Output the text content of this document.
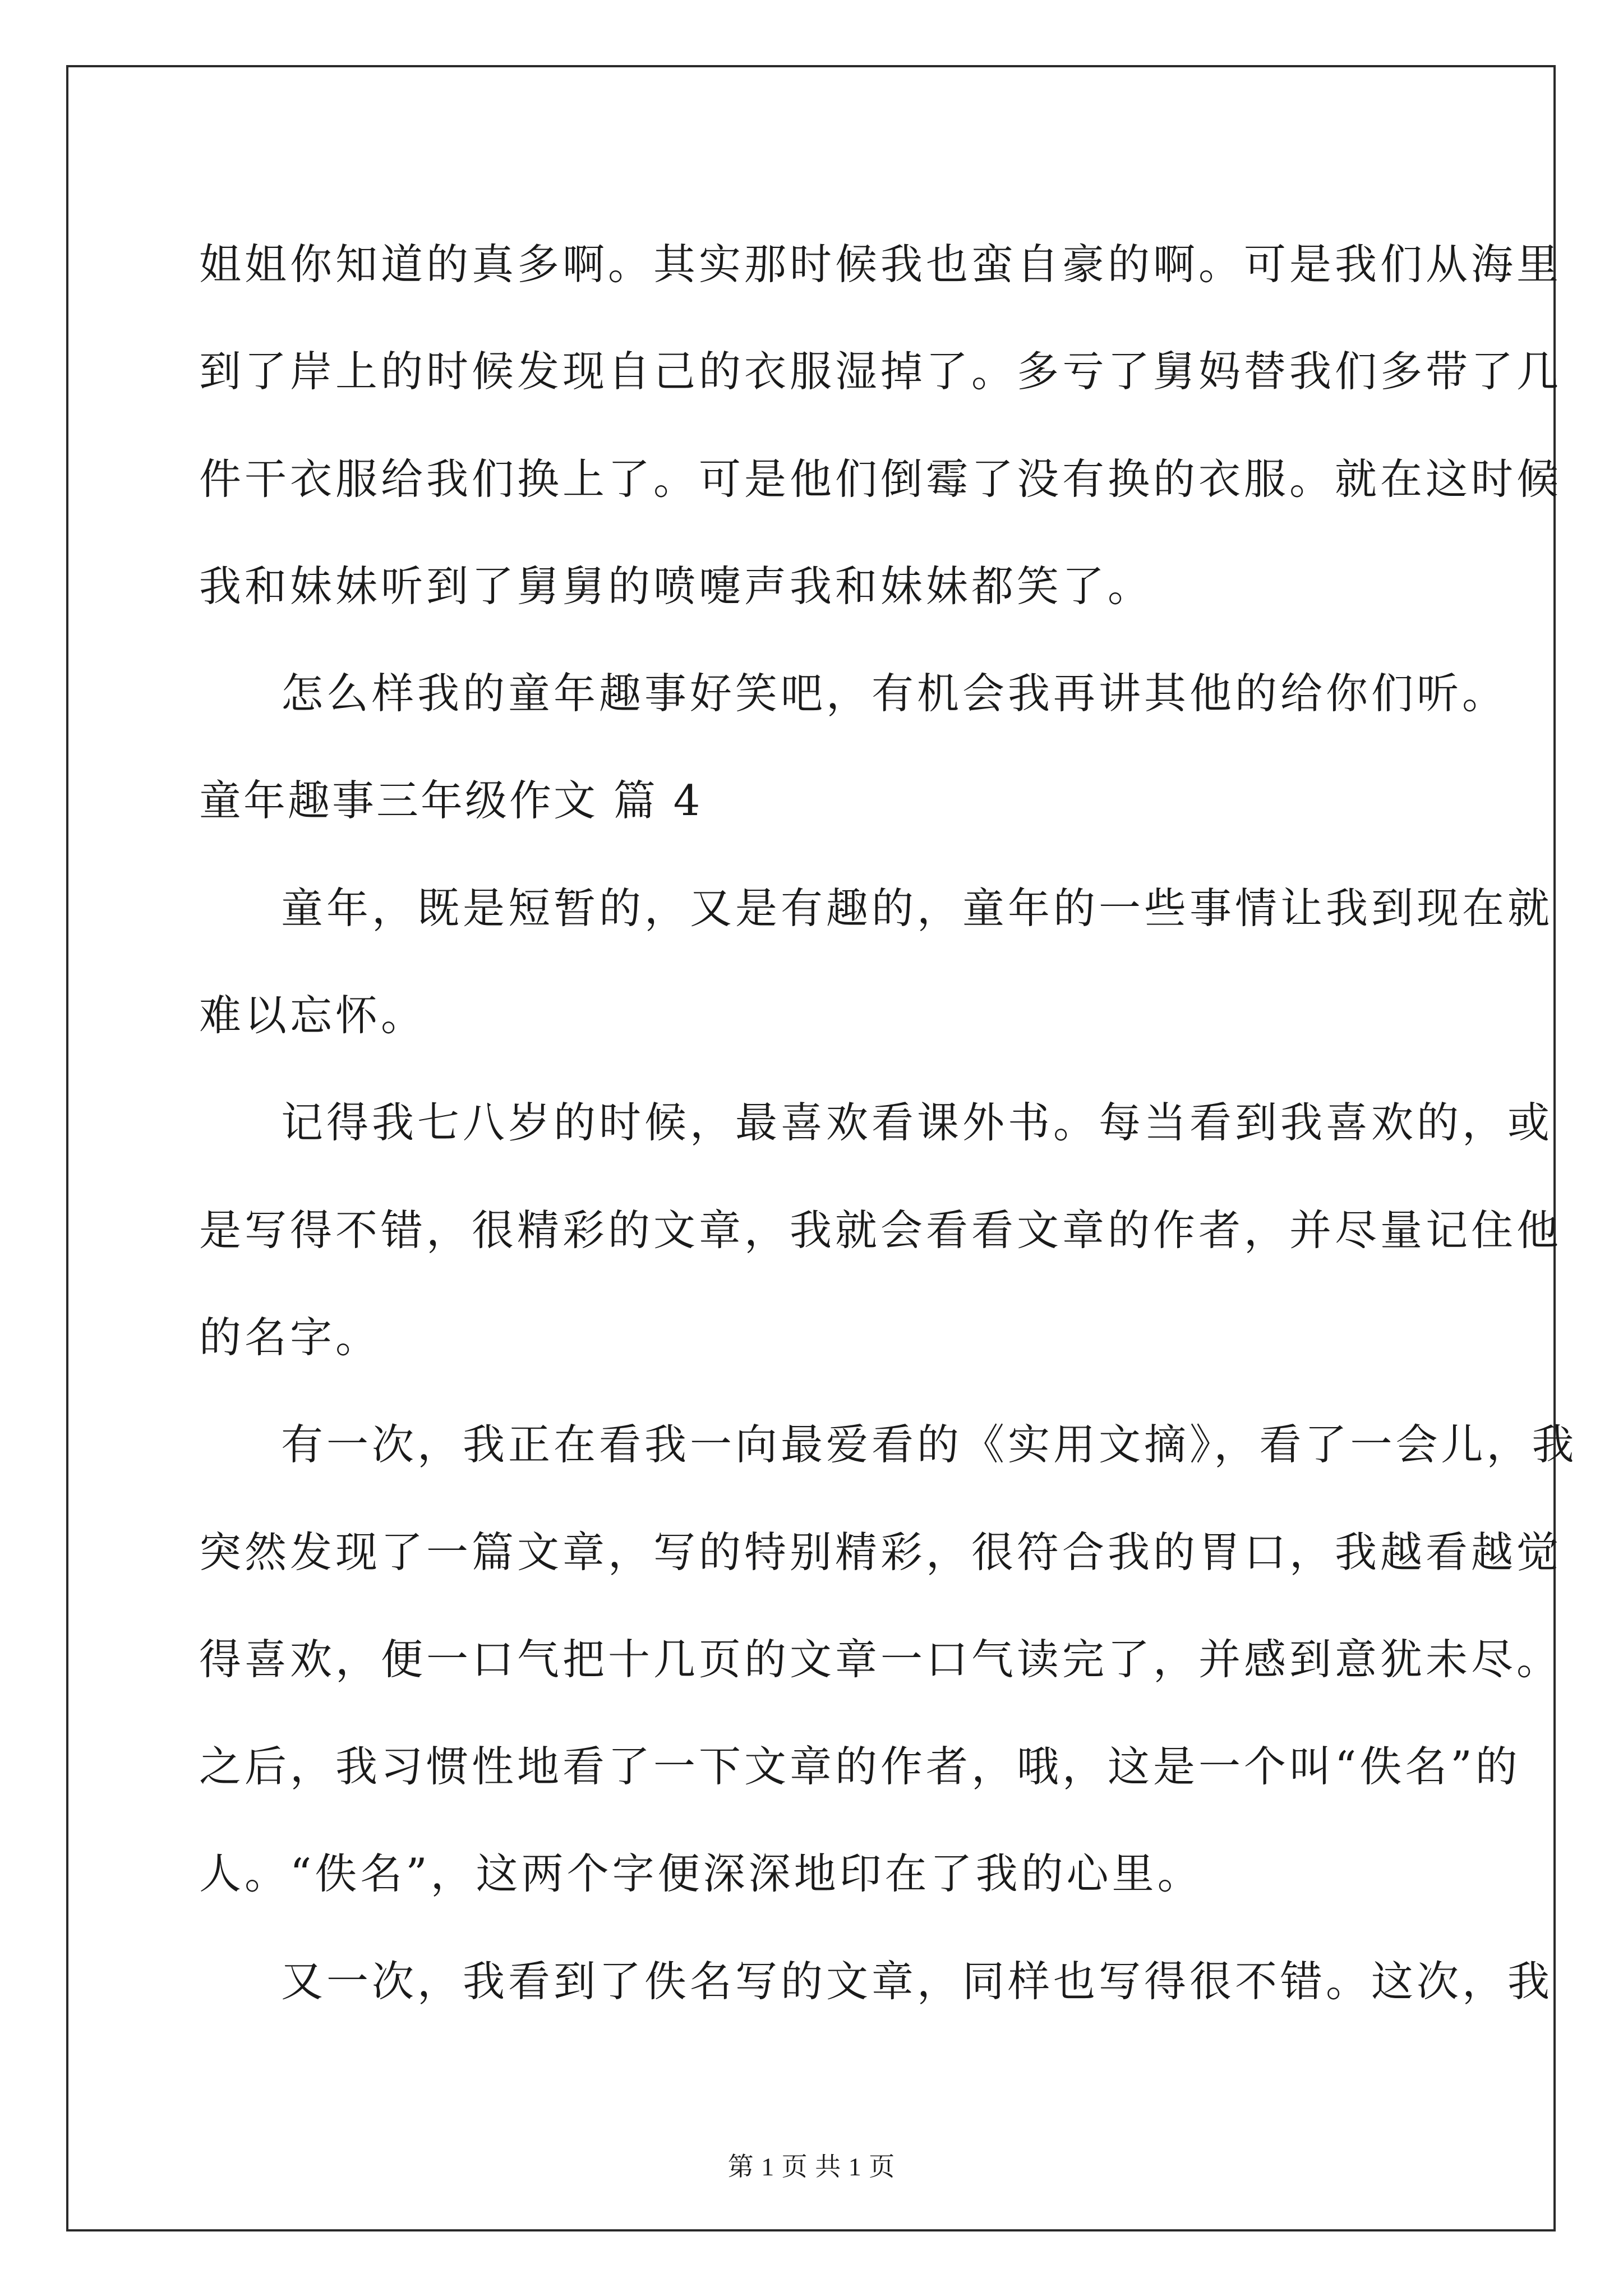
姐姐你知道的真多啊。其实那时候我也蛮自豪的啊。可是我们从海里
到了岸上的时候发现自己的衣服湿掉了。多亏了舅妈替我们多带了几
件干衣服给我们换上了。可是他们倒霉了没有换的衣服。就在这时候
我和妹妹听到了舅舅的喷嚏声我和妹妹都笑了。
怎么样我的童年趣事好笑吧，有机会我再讲其他的给你们听。
童年趣事三年级作文 篇 4
童年，既是短暂的，又是有趣的，童年的一些事情让我到现在就
难以忘怀。
记得我七八岁的时候，最喜欢看课外书。每当看到我喜欢的，或
是写得不错，很精彩的文章，我就会看看文章的作者，并尽量记住他
的名字。
有一次，我正在看我一向最爱看的《实用文摘》，看了一会儿，我
突然发现了一篇文章，写的特别精彩，很符合我的胃口，我越看越觉
得喜欢，便一口气把十几页的文章一口气读完了，并感到意犹未尽。
之后，我习惯性地看了一下文章的作者，哦，这是一个叫“佚名”的
人。“佚名”，这两个字便深深地印在了我的心里。
又一次，我看到了佚名写的文章，同样也写得很不错。这次，我
第 1 页 共 1 页
